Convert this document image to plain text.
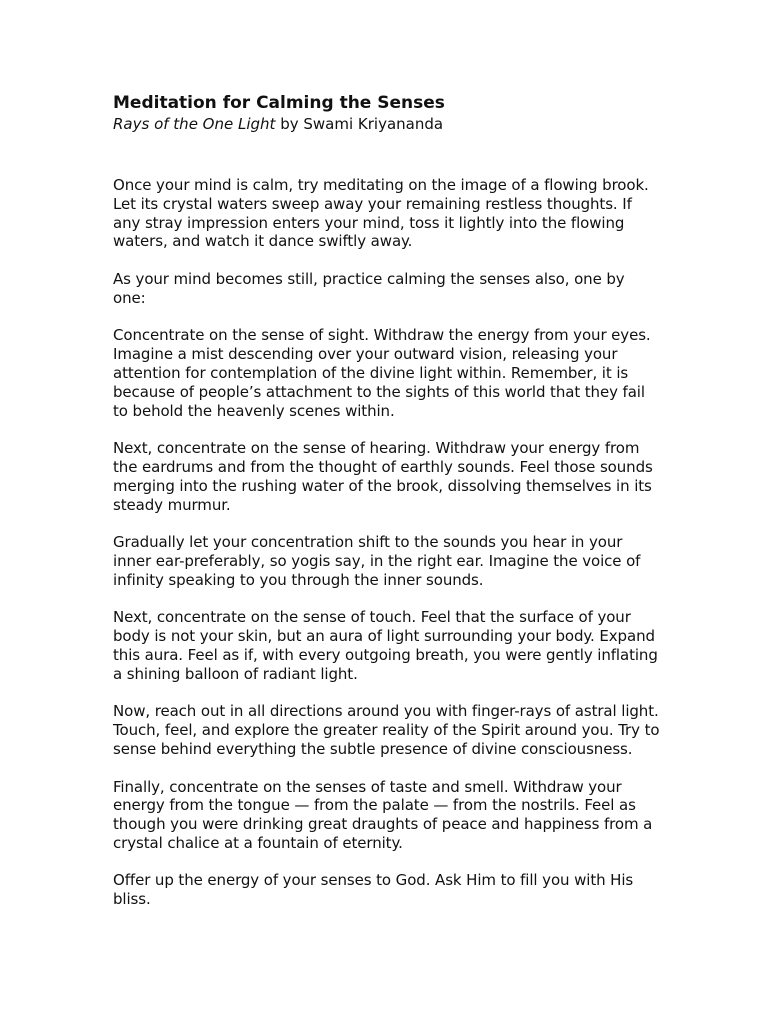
Meditation for Calming the Senses
Rays of the One Light by Swami Kriyananda

Once your mind is calm, try meditating on the image of a flowing brook. Let its crystal waters sweep away your remaining restless thoughts. If any stray impression enters your mind, toss it lightly into the flowing waters, and watch it dance swiftly away.

As your mind becomes still, practice calming the senses also, one by one:

Concentrate on the sense of sight. Withdraw the energy from your eyes. Imagine a mist descending over your outward vision, releasing your attention for contemplation of the divine light within. Remember, it is because of people’s attachment to the sights of this world that they fail to behold the heavenly scenes within.

Next, concentrate on the sense of hearing. Withdraw your energy from the eardrums and from the thought of earthly sounds. Feel those sounds merging into the rushing water of the brook, dissolving themselves in its steady murmur.

Gradually let your concentration shift to the sounds you hear in your inner ear-preferably, so yogis say, in the right ear. Imagine the voice of infinity speaking to you through the inner sounds.

Next, concentrate on the sense of touch. Feel that the surface of your body is not your skin, but an aura of light surrounding your body. Expand this aura. Feel as if, with every outgoing breath, you were gently inflating a shining balloon of radiant light.

Now, reach out in all directions around you with finger-rays of astral light. Touch, feel, and explore the greater reality of the Spirit around you. Try to sense behind everything the subtle presence of divine consciousness.

Finally, concentrate on the senses of taste and smell. Withdraw your energy from the tongue — from the palate — from the nostrils. Feel as though you were drinking great draughts of peace and happiness from a crystal chalice at a fountain of eternity.

Offer up the energy of your senses to God. Ask Him to fill you with His bliss.
